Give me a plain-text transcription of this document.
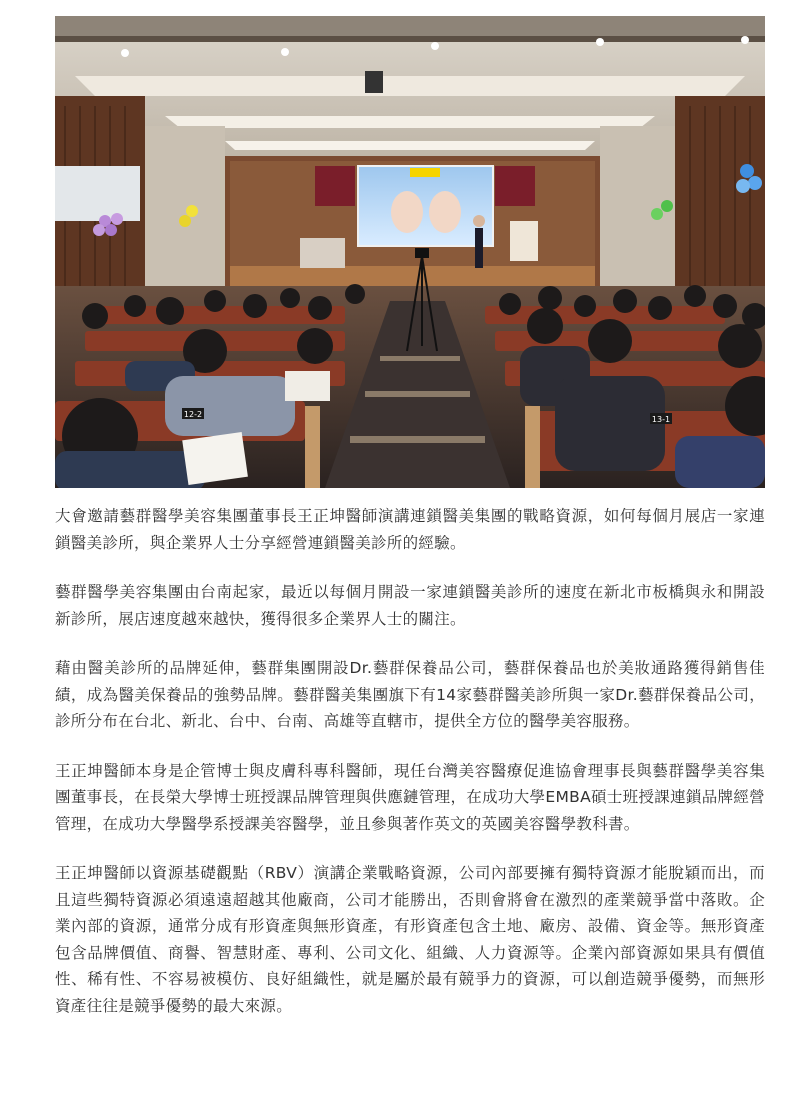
12-2
13-1

大會邀請藝群醫學美容集團董事長王正坤醫師演講連鎖醫美集團的戰略資源，如何每個月展店一家連鎖醫美診所，與企業界人士分享經營連鎖醫美診所的經驗。

藝群醫學美容集團由台南起家，最近以每個月開設一家連鎖醫美診所的速度在新北市板橋與永和開設新診所，展店速度越來越快，獲得很多企業界人士的關注。

藉由醫美診所的品牌延伸，藝群集團開設Dr.藝群保養品公司，藝群保養品也於美妝通路獲得銷售佳績，成為醫美保養品的強勢品牌。藝群醫美集團旗下有14家藝群醫美診所與一家Dr.藝群保養品公司，診所分布在台北、新北、台中、台南、高雄等直轄市，提供全方位的醫學美容服務。

王正坤醫師本身是企管博士與皮膚科專科醫師，現任台灣美容醫療促進協會理事長與藝群醫學美容集團董事長，在長榮大學博士班授課品牌管理與供應鏈管理，在成功大學EMBA碩士班授課連鎖品牌經營管理，在成功大學醫學系授課美容醫學，並且參與著作英文的英國美容醫學教科書。

王正坤醫師以資源基礎觀點（RBV）演講企業戰略資源，公司內部要擁有獨特資源才能脫穎而出，而且這些獨特資源必須遠遠超越其他廠商，公司才能勝出，否則會將會在激烈的產業競爭當中落敗。企業內部的資源，通常分成有形資產與無形資產，有形資產包含土地、廠房、設備、資金等。無形資產包含品牌價值、商譽、智慧財產、專利、公司文化、組織、人力資源等。企業內部資源如果具有價值性、稀有性、不容易被模仿、良好組織性，就是屬於最有競爭力的資源，可以創造競爭優勢，而無形資產往往是競爭優勢的最大來源。
